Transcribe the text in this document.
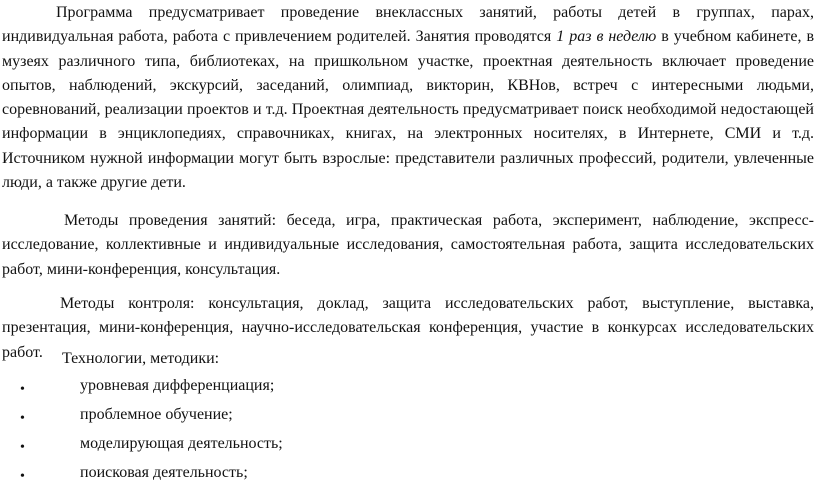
Программа предусматривает проведение внеклассных занятий, работы детей в группах, парах, индивидуальная работа, работа с привлечением родителей. Занятия проводятся 1 раз в неделю в учебном кабинете, в музеях различного типа, библиотеках, на пришкольном участке, проектная деятельность включает проведение опытов, наблюдений, экскурсий, заседаний, олимпиад, викторин, КВНов, встреч с интересными людьми, соревнований, реализации проектов и т.д. Проектная деятельность предусматривает поиск необходимой недостающей информации в энциклопедиях, справочниках, книгах, на электронных носителях, в Интернете, СМИ и т.д. Источником нужной информации могут быть взрослые: представители различных профессий, родители, увлеченные люди, а также другие дети.

Методы проведения занятий: беседа, игра, практическая работа, эксперимент, наблюдение, экспресс-исследование, коллективные и индивидуальные исследования, самостоятельная работа, защита исследовательских работ, мини-конференция, консультация.

Методы контроля: консультация, доклад, защита исследовательских работ, выступление, выставка, презентация, мини-конференция, научно-исследовательская конференция, участие в конкурсах исследовательских работ.	Технологии, методики:

•	уровневая дифференциация;
•	проблемное обучение;
•	моделирующая деятельность;
•	поисковая деятельность;
